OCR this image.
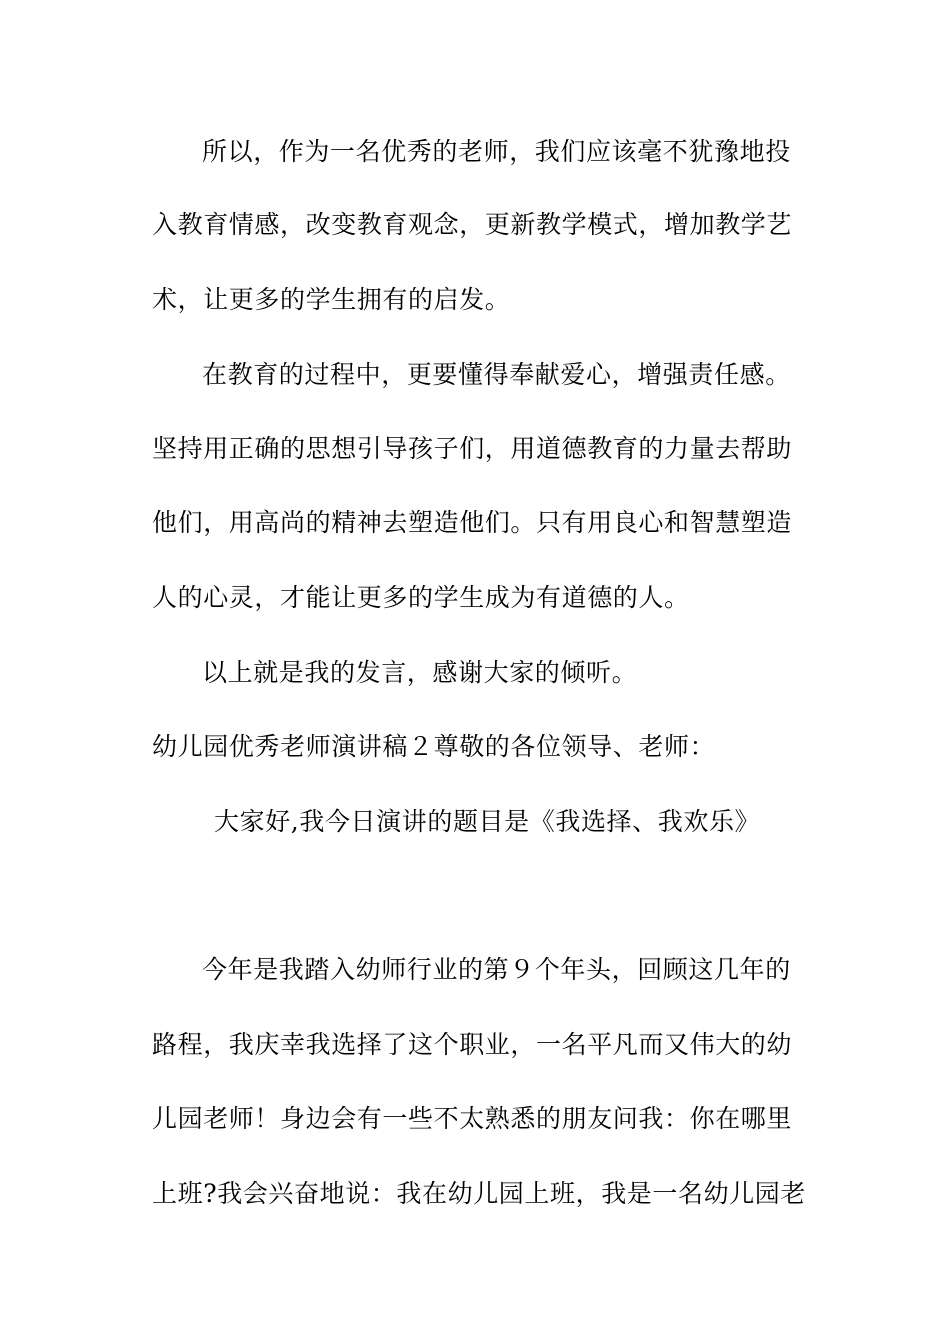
所以，作为一名优秀的老师，我们应该毫不犹豫地投
入教育情感，改变教育观念，更新教学模式，增加教学艺
术，让更多的学生拥有的启发。
在教育的过程中，更要懂得奉献爱心，增强责任感。
坚持用正确的思想引导孩子们，用道德教育的力量去帮助
他们，用高尚的精神去塑造他们。只有用良心和智慧塑造
人的心灵，才能让更多的学生成为有道德的人。
以上就是我的发言，感谢大家的倾听。
幼儿园优秀老师演讲稿２尊敬的各位领导、老师：
大家好,我今日演讲的题目是《我选择、我欢乐》
今年是我踏入幼师行业的第９个年头，回顾这几年的
路程，我庆幸我选择了这个职业，一名平凡而又伟大的幼
儿园老师！身边会有一些不太熟悉的朋友问我：你在哪里
上班?我会兴奋地说：我在幼儿园上班，我是一名幼儿园老
